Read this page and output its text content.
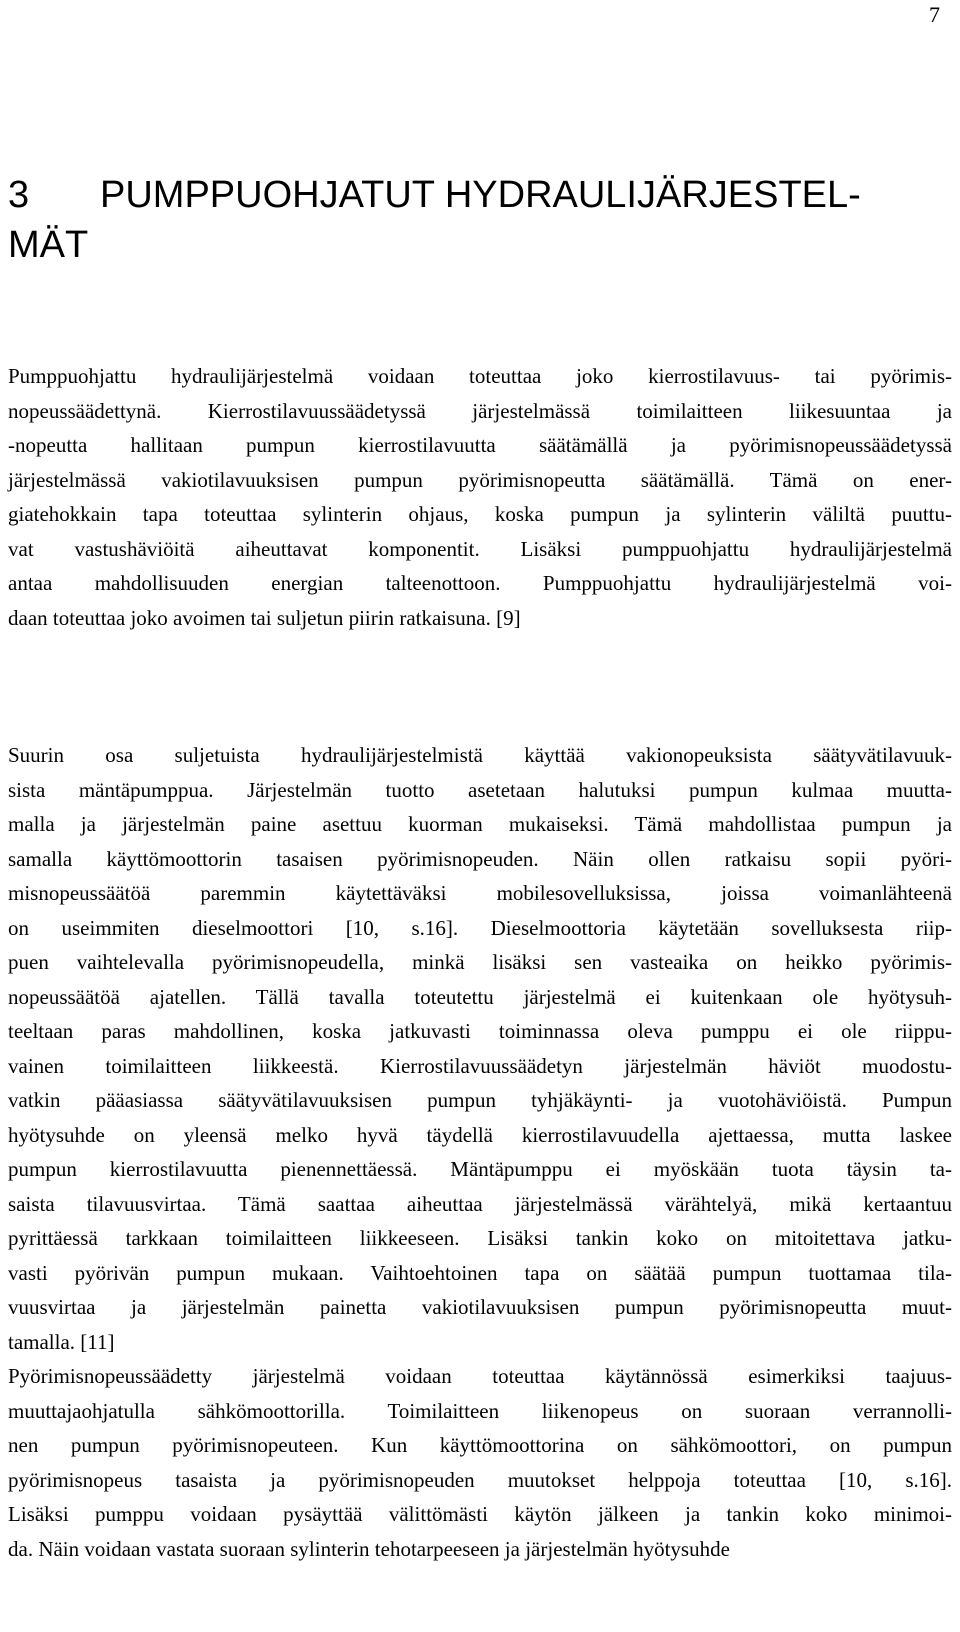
7
3 PUMPPUOHJATUT HYDRAULIJÄRJESTEL-
MÄT
Pumppuohjattu hydraulijärjestelmä voidaan toteuttaa joko kierrostilavuus- tai pyörimis-
nopeussäädettynä. Kierrostilavuussäädetyssä järjestelmässä toimilaitteen liikesuuntaa ja
-nopeutta hallitaan pumpun kierrostilavuutta säätämällä ja pyörimisnopeussäädetyssä
järjestelmässä vakiotilavuuksisen pumpun pyörimisnopeutta säätämällä. Tämä on ener-
giatehokkain tapa toteuttaa sylinterin ohjaus, koska pumpun ja sylinterin väliltä puuttu-
vat vastushäviöitä aiheuttavat komponentit. Lisäksi pumppuohjattu hydraulijärjestelmä
antaa mahdollisuuden energian talteenottoon. Pumppuohjattu hydraulijärjestelmä voi-
daan toteuttaa joko avoimen tai suljetun piirin ratkaisuna. [9]
Suurin osa suljetuista hydraulijärjestelmistä käyttää vakionopeuksista säätyvätilavuuk-
sista mäntäpumppua. Järjestelmän tuotto asetetaan halutuksi pumpun kulmaa muutta-
malla ja järjestelmän paine asettuu kuorman mukaiseksi. Tämä mahdollistaa pumpun ja
samalla käyttömoottorin tasaisen pyörimisnopeuden. Näin ollen ratkaisu sopii pyöri-
misnopeussäätöä paremmin käytettäväksi mobilesovelluksissa, joissa voimanlähteenä
on useimmiten dieselmoottori [10, s.16]. Dieselmoottoria käytetään sovelluksesta riip-
puen vaihtelevalla pyörimisnopeudella, minkä lisäksi sen vasteaika on heikko pyörimis-
nopeussäätöä ajatellen. Tällä tavalla toteutettu järjestelmä ei kuitenkaan ole hyötysuh-
teeltaan paras mahdollinen, koska jatkuvasti toiminnassa oleva pumppu ei ole riippu-
vainen toimilaitteen liikkeestä. Kierrostilavuussäädetyn järjestelmän häviöt muodostu-
vatkin pääasiassa säätyvätilavuuksisen pumpun tyhjäkäynti- ja vuotohäviöistä. Pumpun
hyötysuhde on yleensä melko hyvä täydellä kierrostilavuudella ajettaessa, mutta laskee
pumpun kierrostilavuutta pienennettäessä. Mäntäpumppu ei myöskään tuota täysin ta-
saista tilavuusvirtaa. Tämä saattaa aiheuttaa järjestelmässä värähtelyä, mikä kertaantuu
pyrittäessä tarkkaan toimilaitteen liikkeeseen. Lisäksi tankin koko on mitoitettava jatku-
vasti pyörivän pumpun mukaan. Vaihtoehtoinen tapa on säätää pumpun tuottamaa tila-
vuusvirtaa ja järjestelmän painetta vakiotilavuuksisen pumpun pyörimisnopeutta muut-
tamalla. [11]
Pyörimisnopeussäädetty järjestelmä voidaan toteuttaa käytännössä esimerkiksi taajuus-
muuttajaohjatulla sähkömoottorilla. Toimilaitteen liikenopeus on suoraan verrannolli-
nen pumpun pyörimisnopeuteen. Kun käyttömoottorina on sähkömoottori, on pumpun
pyörimisnopeus tasaista ja pyörimisnopeuden muutokset helppoja toteuttaa [10, s.16].
Lisäksi pumppu voidaan pysäyttää välittömästi käytön jälkeen ja tankin koko minimoi-
da. Näin voidaan vastata suoraan sylinterin tehotarpeeseen ja järjestelmän hyötysuhde
